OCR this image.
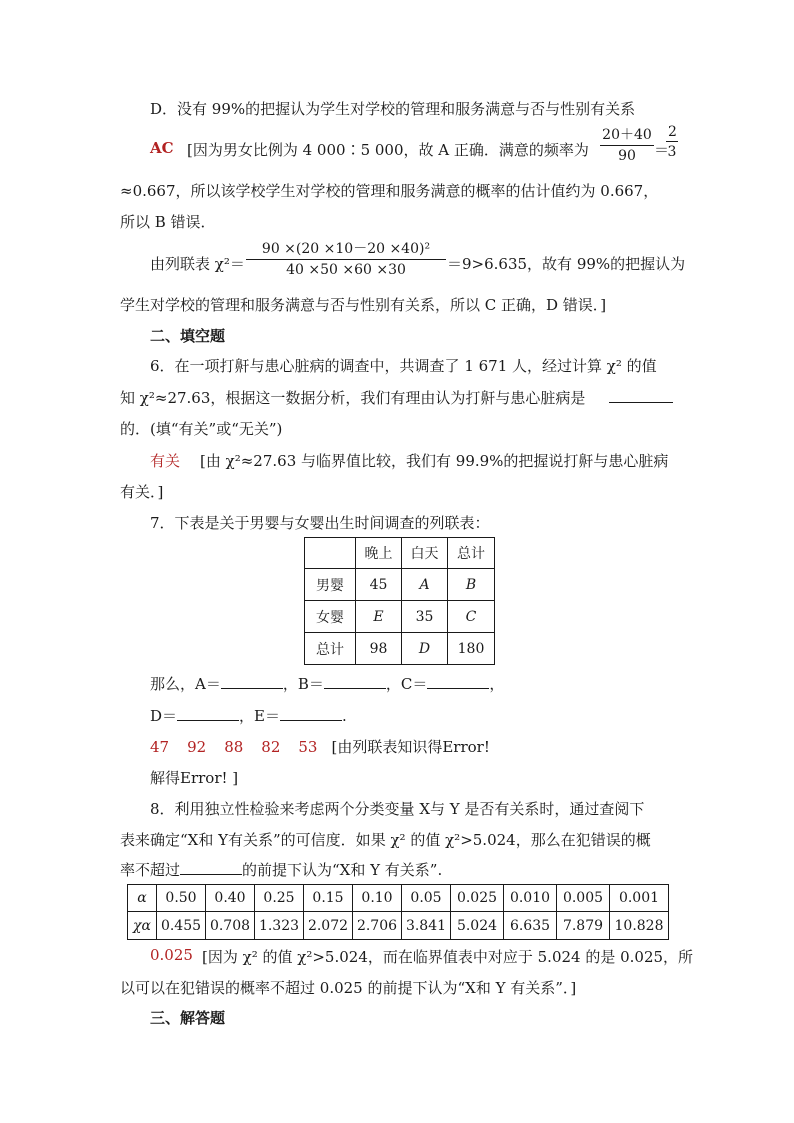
D．没有 99%的把握认为学生对学校的管理和服务满意与否与性别有关系
AC [因为男女比例为 4 000∶5 000，故 A 正确．满意的频率为 $\frac{20+40}{90}$ ＝
$\frac{2}{3}$
≈0.667，所以该学校学生对学校的管理和服务满意的概率的估计值约为 0.667，
所以 B 错误．
由列联表 $\chi^2= \frac{\text{90 ×(20 ×10－20 ×40)²}}{40 \times 50 \times 60 \times 30} =9>6.635$，故有 99%的把握认为
学生对学校的管理和服务满意与否与性别有关系，所以 C 正确，D 错误．]
二、填空题
6．在一项打鼾与患心脏病的调查中，共调查了 1 671 人，经过计算 χ² 的值
知 χ²≈27.63，根据这一数据分析，我们有理由认为打鼾与患心脏病是
的．(填“有关”或“无关”)
有关 [由 χ²≈27.63 与临界值比较，我们有 99.9%的把握说打鼾与患心脏病
有关．]
7．下表是关于男婴与女婴出生时间调查的列联表：
	晚上	白天	总计
男婴	45	A	B
女婴	E	35	C
总计	98	D	180
那么，A＝	，B＝	，C＝	，
D＝	，E＝	.
47 92 88 82 53 [由列联表知识得Error!
解得Error! ]
8．利用独立性检验来考虑两个分类变量 X与 Y 是否有关系时，通过查阅下
表来确定“X和 Y有关系”的可信度．如果 χ² 的值 χ²>5.024，那么在犯错误的概
率不超过	的前提下认为“X和 Y 有关系”.
α	0.50	0.40	0.25	0.15	0.10	0.05	0.025	0.010	0.005	0.001
χα	0.455	0.708	1.323	2.072	2.706	3.841	5.024	6.635	7.879	10.828
0.025 [因为 χ² 的值 χ²>5.024，而在临界值表中对应于 5.024 的是 0.025，所
以可以在犯错误的概率不超过 0.025 的前提下认为“X和 Y 有关系”．]
三、解答题
